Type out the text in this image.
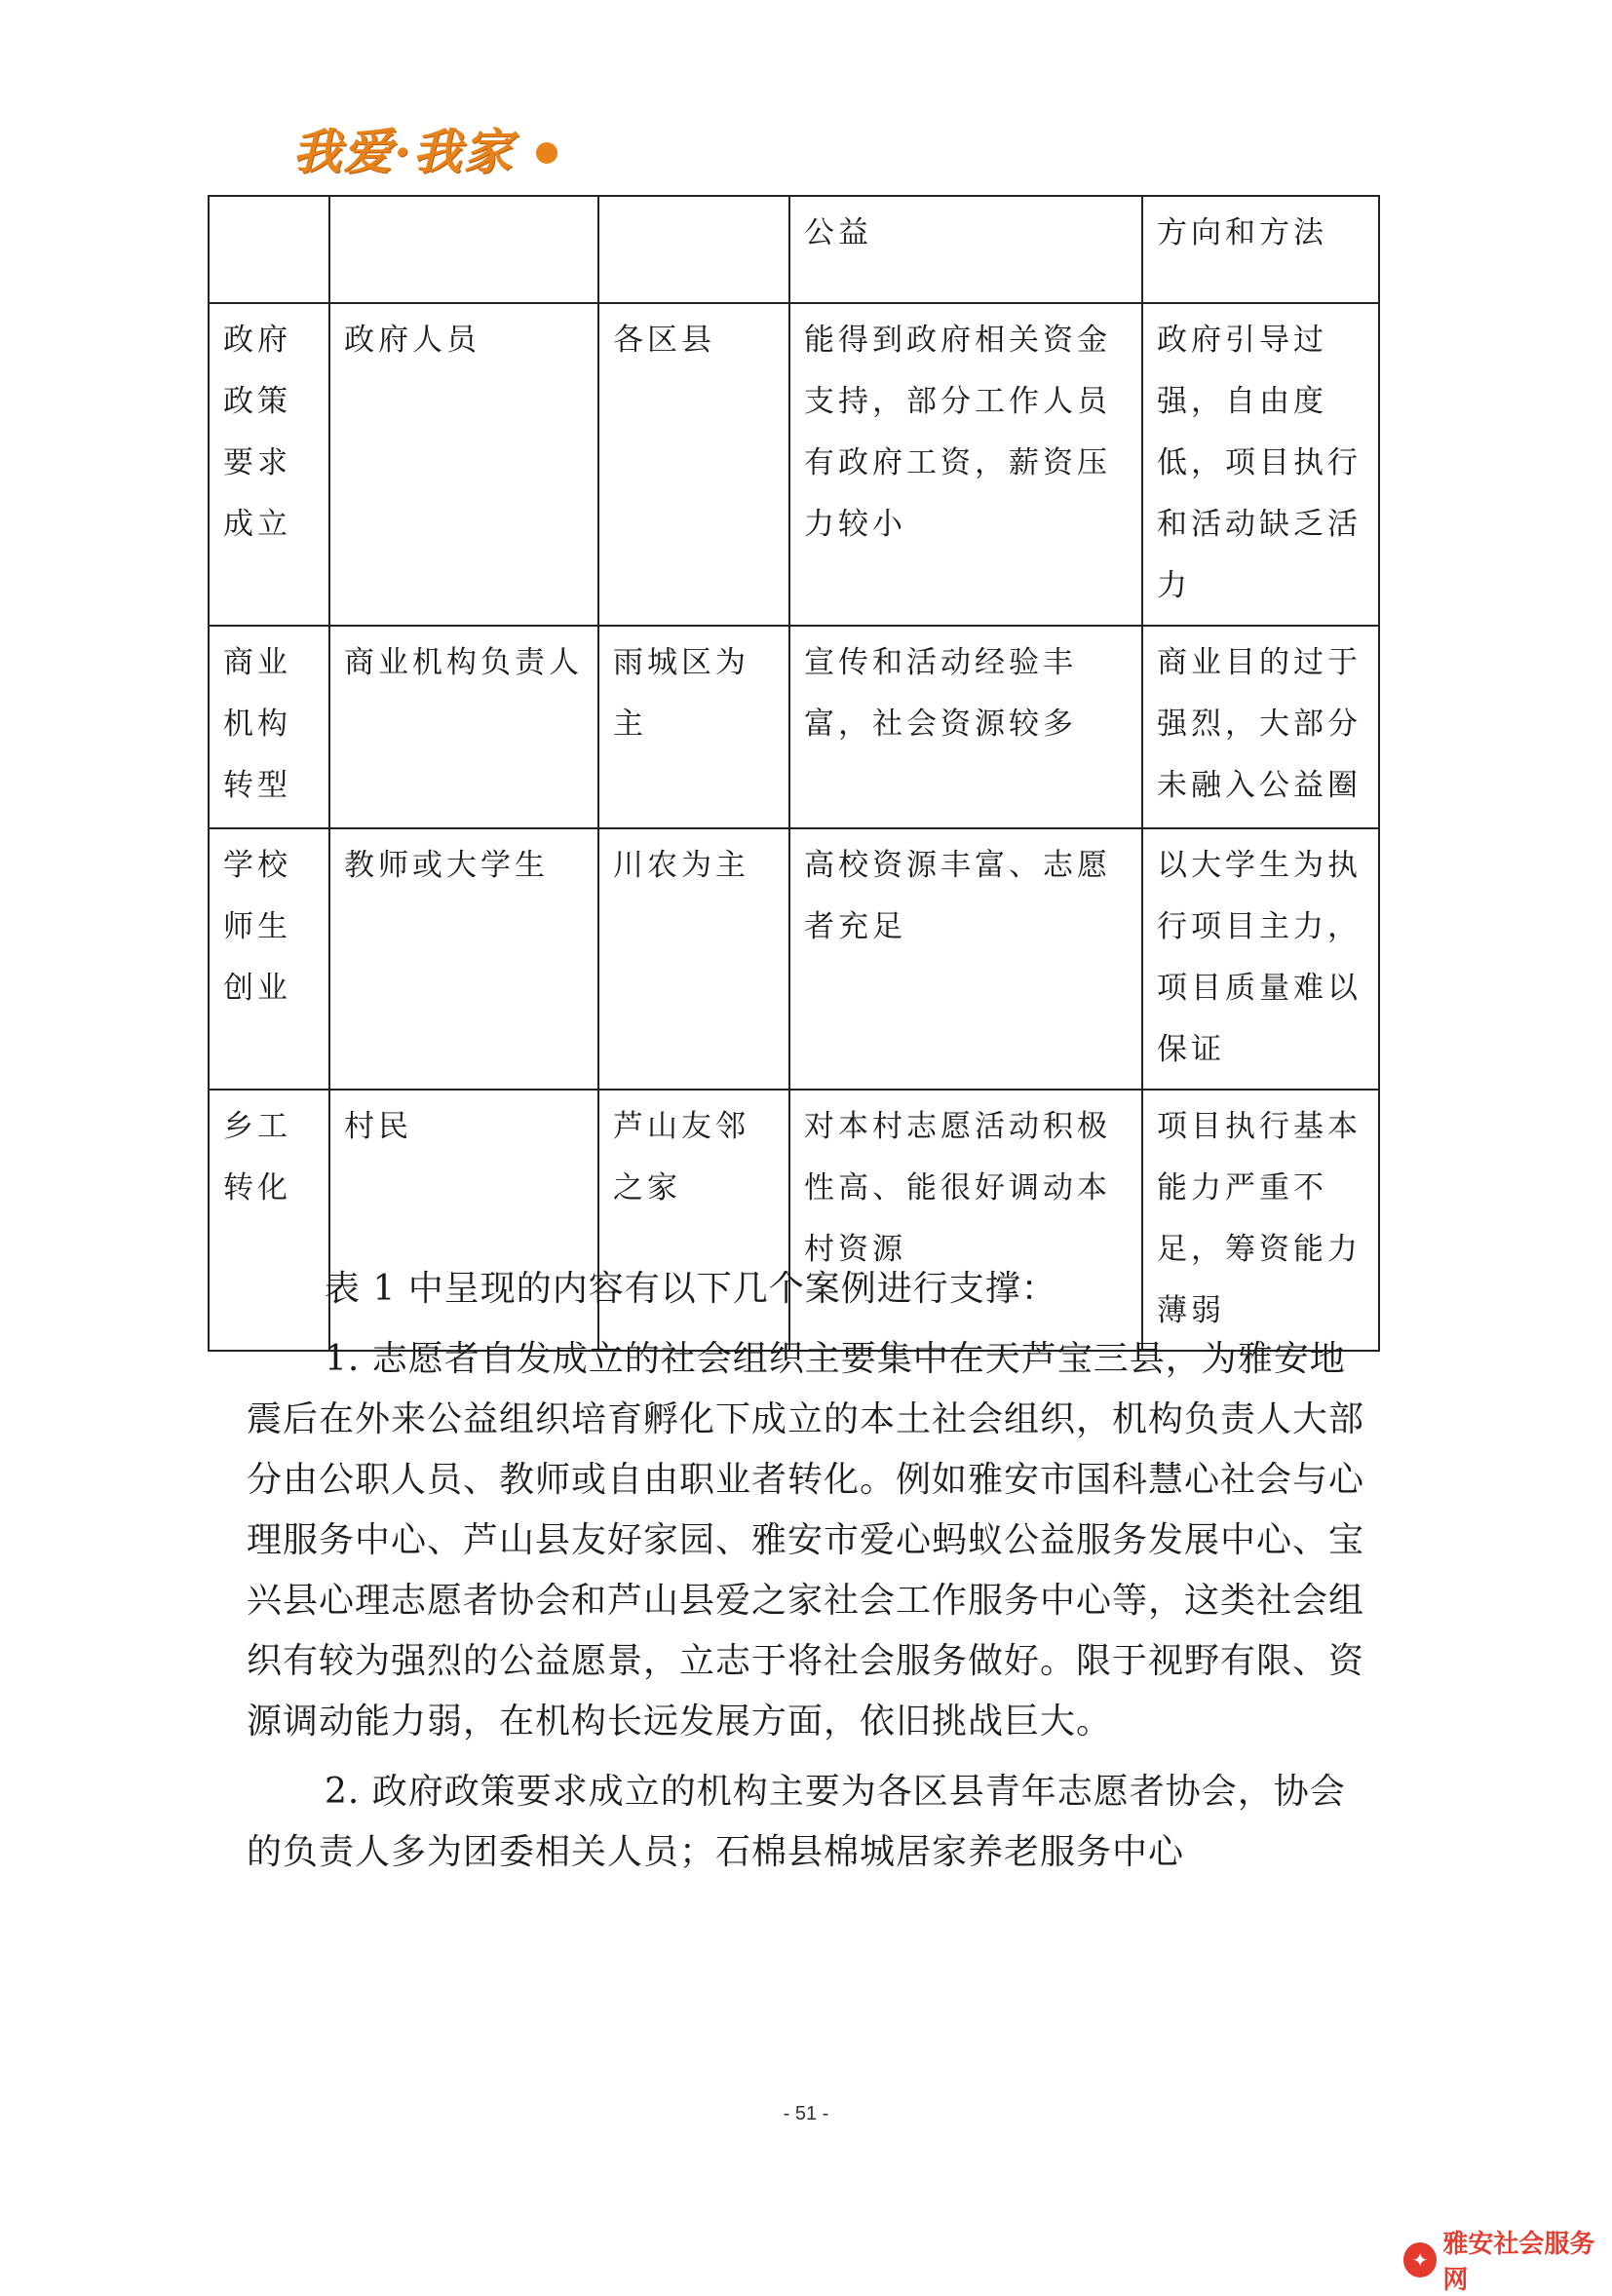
我爱·我家
			公益	方向和方法
政府政策要求成立	政府人员	各区县	能得到政府相关资金支持，部分工作人员有政府工资，薪资压力较小	政府引导过强，自由度低，项目执行和活动缺乏活力
商业机构转型	商业机构负责人	雨城区为主	宣传和活动经验丰富，社会资源较多	商业目的过于强烈，大部分未融入公益圈
学校师生创业	教师或大学生	川农为主	高校资源丰富、志愿者充足	以大学生为执行项目主力，项目质量难以保证
乡工转化	村民	芦山友邻之家	对本村志愿活动积极性高、能很好调动本村资源	项目执行基本能力严重不足，筹资能力薄弱

表 1 中呈现的内容有以下几个案例进行支撑：

1. 志愿者自发成立的社会组织主要集中在天芦宝三县，为雅安地震后在外来公益组织培育孵化下成立的本土社会组织，机构负责人大部分由公职人员、教师或自由职业者转化。例如雅安市国科慧心社会与心理服务中心、芦山县友好家园、雅安市爱心蚂蚁公益服务发展中心、宝兴县心理志愿者协会和芦山县爱之家社会工作服务中心等，这类社会组织有较为强烈的公益愿景，立志于将社会服务做好。限于视野有限、资源调动能力弱，在机构长远发展方面，依旧挑战巨大。

2. 政府政策要求成立的机构主要为各区县青年志愿者协会，协会的负责人多为团委相关人员；石棉县棉城居家养老服务中心

- 51 -
✦
雅安社会服务网
